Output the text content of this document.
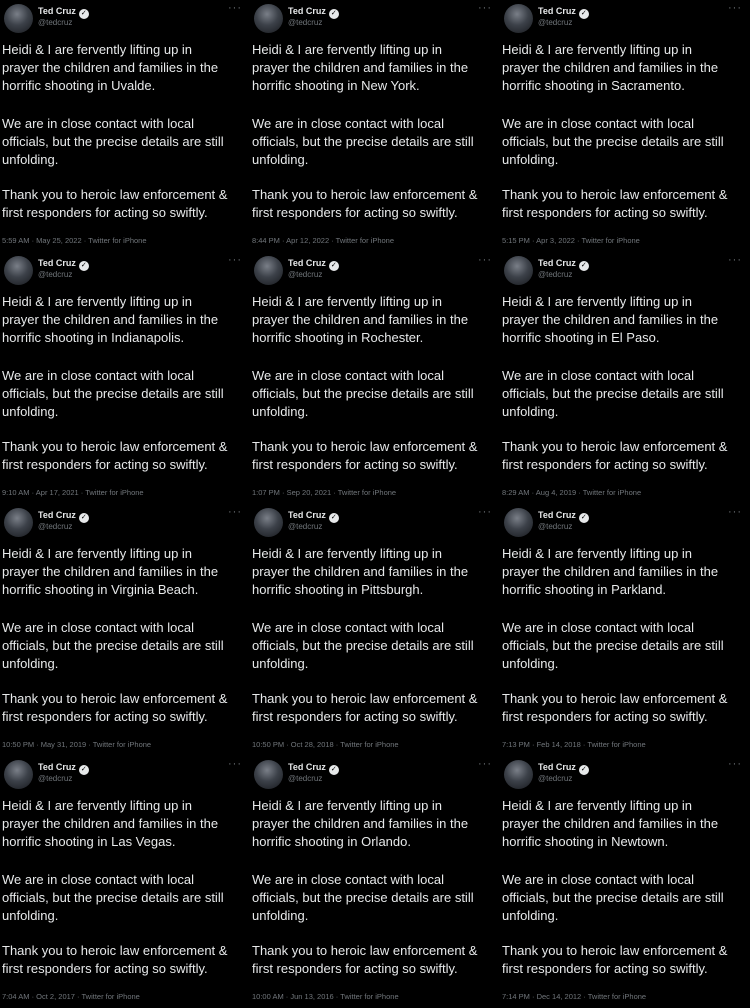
Ted Cruz ✓
@tedcruz
···
Heidi & I are fervently lifting up in
prayer the children and families in the
horrific shooting in Uvalde.
We are in close contact with local
officials, but the precise details are still
unfolding.
Thank you to heroic law enforcement &
first responders for acting so swiftly.
5:59 AM · May 25, 2022 · Twitter for iPhone
Ted Cruz ✓
@tedcruz
···
Heidi & I are fervently lifting up in
prayer the children and families in the
horrific shooting in New York.
We are in close contact with local
officials, but the precise details are still
unfolding.
Thank you to heroic law enforcement &
first responders for acting so swiftly.
8:44 PM · Apr 12, 2022 · Twitter for iPhone
Ted Cruz ✓
@tedcruz
···
Heidi & I are fervently lifting up in
prayer the children and families in the
horrific shooting in Sacramento.
We are in close contact with local
officials, but the precise details are still
unfolding.
Thank you to heroic law enforcement &
first responders for acting so swiftly.
5:15 PM · Apr 3, 2022 · Twitter for iPhone
Ted Cruz ✓
@tedcruz
···
Heidi & I are fervently lifting up in
prayer the children and families in the
horrific shooting in Indianapolis.
We are in close contact with local
officials, but the precise details are still
unfolding.
Thank you to heroic law enforcement &
first responders for acting so swiftly.
9:10 AM · Apr 17, 2021 · Twitter for iPhone
Ted Cruz ✓
@tedcruz
···
Heidi & I are fervently lifting up in
prayer the children and families in the
horrific shooting in Rochester.
We are in close contact with local
officials, but the precise details are still
unfolding.
Thank you to heroic law enforcement &
first responders for acting so swiftly.
1:07 PM · Sep 20, 2021 · Twitter for iPhone
Ted Cruz ✓
@tedcruz
···
Heidi & I are fervently lifting up in
prayer the children and families in the
horrific shooting in El Paso.
We are in close contact with local
officials, but the precise details are still
unfolding.
Thank you to heroic law enforcement &
first responders for acting so swiftly.
8:29 AM · Aug 4, 2019 · Twitter for iPhone
Ted Cruz ✓
@tedcruz
···
Heidi & I are fervently lifting up in
prayer the children and families in the
horrific shooting in Virginia Beach.
We are in close contact with local
officials, but the precise details are still
unfolding.
Thank you to heroic law enforcement &
first responders for acting so swiftly.
10:50 PM · May 31, 2019 · Twitter for iPhone
Ted Cruz ✓
@tedcruz
···
Heidi & I are fervently lifting up in
prayer the children and families in the
horrific shooting in Pittsburgh.
We are in close contact with local
officials, but the precise details are still
unfolding.
Thank you to heroic law enforcement &
first responders for acting so swiftly.
10:50 PM · Oct 28, 2018 · Twitter for iPhone
Ted Cruz ✓
@tedcruz
···
Heidi & I are fervently lifting up in
prayer the children and families in the
horrific shooting in Parkland.
We are in close contact with local
officials, but the precise details are still
unfolding.
Thank you to heroic law enforcement &
first responders for acting so swiftly.
7:13 PM · Feb 14, 2018 · Twitter for iPhone
Ted Cruz ✓
@tedcruz
···
Heidi & I are fervently lifting up in
prayer the children and families in the
horrific shooting in Las Vegas.
We are in close contact with local
officials, but the precise details are still
unfolding.
Thank you to heroic law enforcement &
first responders for acting so swiftly.
7:04 AM · Oct 2, 2017 · Twitter for iPhone
Ted Cruz ✓
@tedcruz
···
Heidi & I are fervently lifting up in
prayer the children and families in the
horrific shooting in Orlando.
We are in close contact with local
officials, but the precise details are still
unfolding.
Thank you to heroic law enforcement &
first responders for acting so swiftly.
10:00 AM · Jun 13, 2016 · Twitter for iPhone
Ted Cruz ✓
@tedcruz
···
Heidi & I are fervently lifting up in
prayer the children and families in the
horrific shooting in Newtown.
We are in close contact with local
officials, but the precise details are still
unfolding.
Thank you to heroic law enforcement &
first responders for acting so swiftly.
7:14 PM · Dec 14, 2012 · Twitter for iPhone
